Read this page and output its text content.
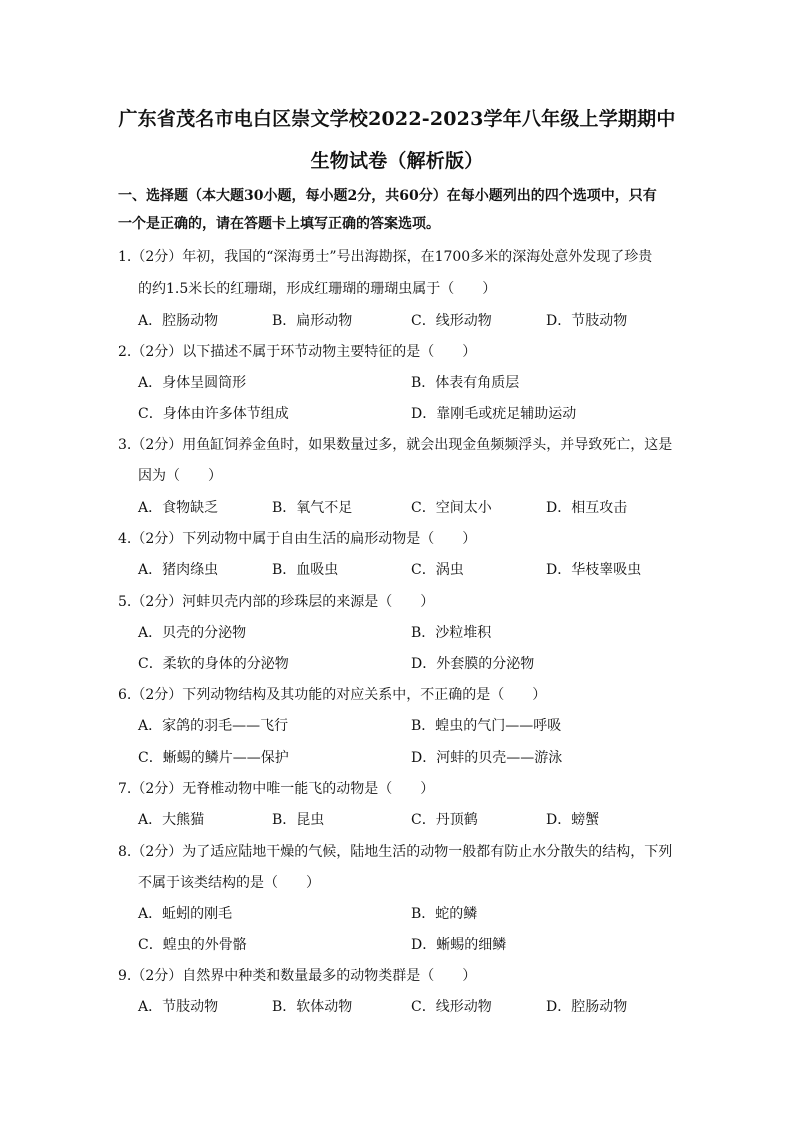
广东省茂名市电白区崇文学校2022-2023学年八年级上学期期中
生物试卷（解析版）
一、选择题（本大题30小题，每小题2分，共60分）在每小题列出的四个选项中，只有
一个是正确的，请在答题卡上填写正确的答案选项。
1.（2分）年初，我国的“深海勇士”号出海勘探，在1700多米的深海处意外发现了珍贵
的约1.5米长的红珊瑚，形成红珊瑚的珊瑚虫属于（　　）
A．腔肠动物	B．扁形动物	C．线形动物	D．节肢动物
2.（2分）以下描述不属于环节动物主要特征的是（　　）
A．身体呈圆筒形	B．体表有角质层
C．身体由许多体节组成	D．靠刚毛或疣足辅助运动
3.（2分）用鱼缸饲养金鱼时，如果数量过多，就会出现金鱼频频浮头，并导致死亡，这是
因为（　　）
A．食物缺乏	B．氧气不足	C．空间太小	D．相互攻击
4.（2分）下列动物中属于自由生活的扁形动物是（　　）
A．猪肉绦虫	B．血吸虫	C．涡虫	D．华枝睾吸虫
5.（2分）河蚌贝壳内部的珍珠层的来源是（　　）
A．贝壳的分泌物	B．沙粒堆积
C．柔软的身体的分泌物	D．外套膜的分泌物
6.（2分）下列动物结构及其功能的对应关系中，不正确的是（　　）
A．家鸽的羽毛——飞行	B．蝗虫的气门——呼吸
C．蜥蜴的鳞片——保护	D．河蚌的贝壳——游泳
7.（2分）无脊椎动物中唯一能飞的动物是（　　）
A．大熊猫	B．昆虫	C．丹顶鹤	D．螃蟹
8.（2分）为了适应陆地干燥的气候，陆地生活的动物一般都有防止水分散失的结构，下列
不属于该类结构的是（　　）
A．蚯蚓的刚毛	B．蛇的鳞
C．蝗虫的外骨骼	D．蜥蜴的细鳞
9.（2分）自然界中种类和数量最多的动物类群是（　　）
A．节肢动物	B．软体动物	C．线形动物	D．腔肠动物
